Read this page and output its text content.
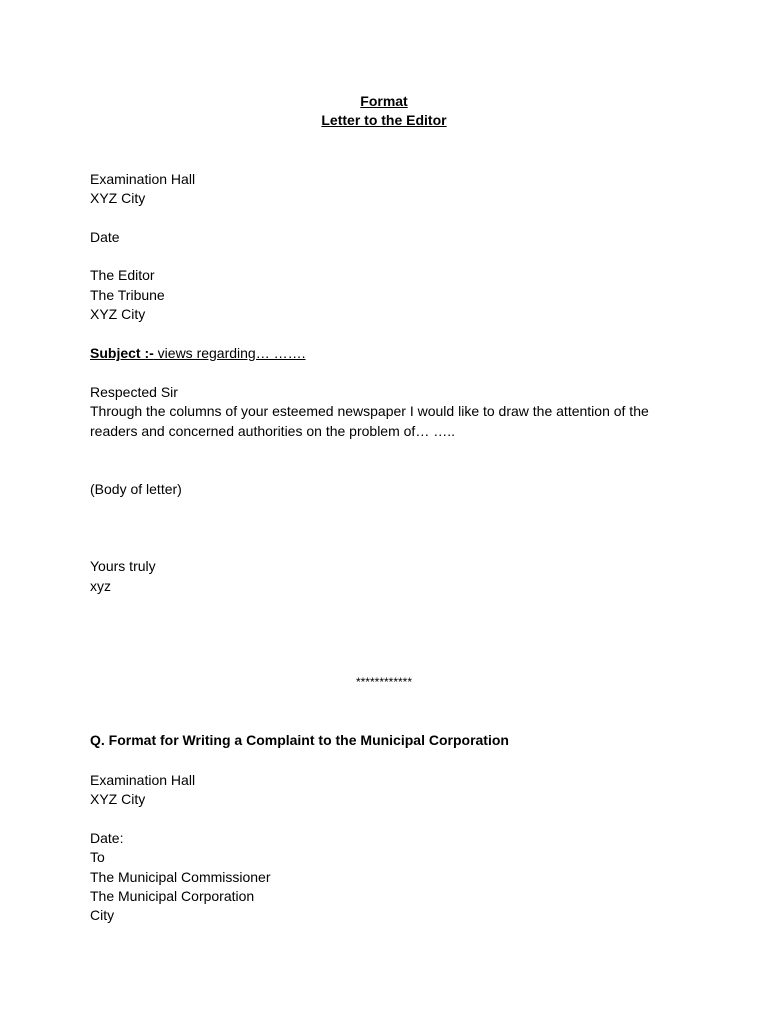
Format
Letter to the Editor
Examination Hall
XYZ City
Date
The Editor
The Tribune
XYZ City
Subject :- views regarding… …….
Respected Sir
Through the columns of your esteemed newspaper I would like to draw the attention of the
readers and concerned authorities on the problem of… …..
(Body of letter)
Yours truly
xyz
************
Q. Format for Writing a Complaint to the Municipal Corporation
Examination Hall
XYZ City
Date:
To
The Municipal Commissioner
The Municipal Corporation
City
